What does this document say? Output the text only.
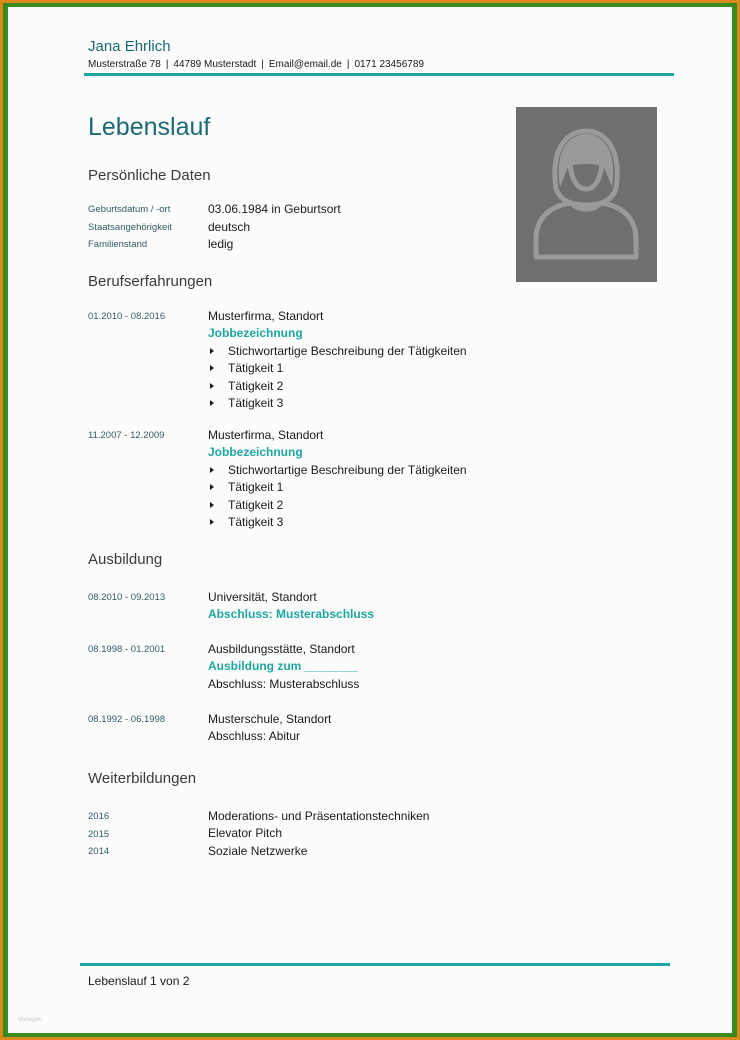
Jana Ehrlich
Musterstraße 78 | 44789 Musterstadt | Email@email.de | 0171 23456789
Lebenslauf
Persönliche Daten
Geburtsdatum / -ort	03.06.1984 in Geburtsort
Staatsangehörigkeit	deutsch
Familienstand	ledig
Berufserfahrungen
01.2010 - 08.2016	Musterfirma, Standort
Jobbezeichnung
Stichwortartige Beschreibung der Tätigkeiten
Tätigkeit 1
Tätigkeit 2
Tätigkeit 3
11.2007 - 12.2009	Musterfirma, Standort
Jobbezeichnung
Stichwortartige Beschreibung der Tätigkeiten
Tätigkeit 1
Tätigkeit 2
Tätigkeit 3
Ausbildung
08.2010 - 09.2013	Universität, Standort
Abschluss: Musterabschluss
08.1998 - 01.2001	Ausbildungsstätte, Standort
Ausbildung zum ________
Abschluss: Musterabschluss
08.1992 - 06.1998	Musterschule, Standort
Abschluss: Abitur
Weiterbildungen
2016	Moderations- und Präsentationstechniken
2015	Elevator Pitch
2014	Soziale Netzwerke
Lebenslauf 1 von 2
Vorlagen
